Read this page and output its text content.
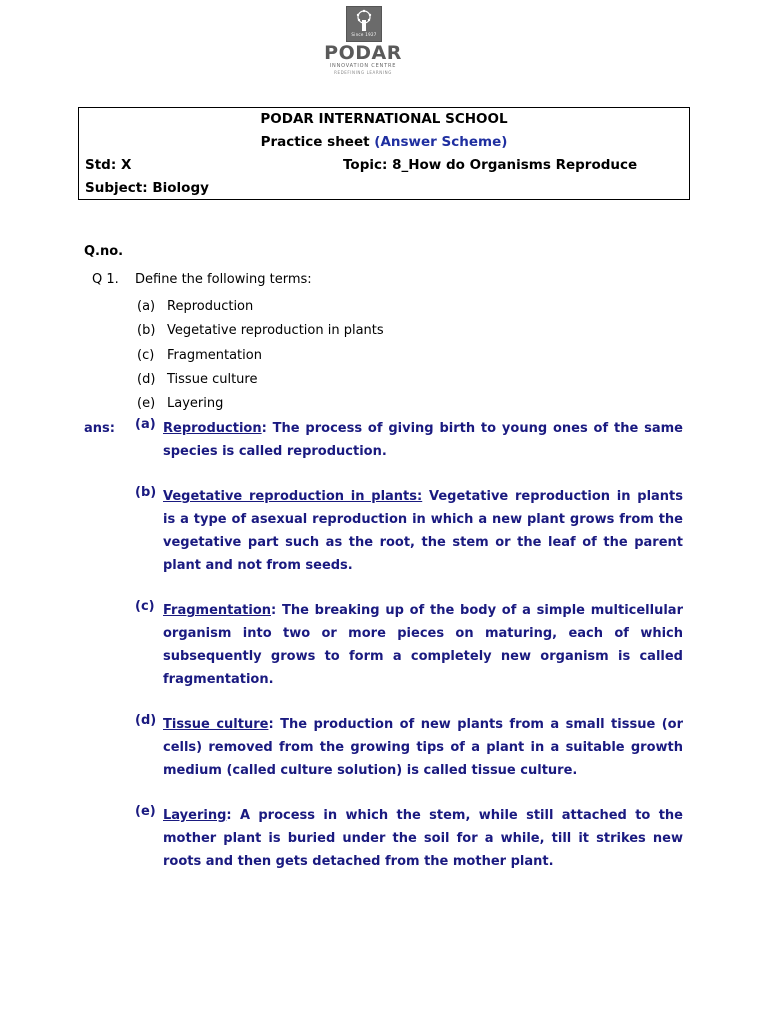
Since 1927
PODAR
INNOVATION CENTRE
REDEFINING LEARNING
PODAR INTERNATIONAL SCHOOL
Practice sheet (Answer Scheme)
Std: X	Topic: 8_How do Organisms Reproduce
Subject: Biology
Q.no.
Q 1. Define the following terms:
(a) Reproduction
(b) Vegetative reproduction in plants
(c) Fragmentation
(d) Tissue culture
(e) Layering
ans: (a) Reproduction: The process of giving birth to young ones of the same species is called reproduction.
(b) Vegetative reproduction in plants: Vegetative reproduction in plants is a type of asexual reproduction in which a new plant grows from the vegetative part such as the root, the stem or the leaf of the parent plant and not from seeds.
(c) Fragmentation: The breaking up of the body of a simple multicellular organism into two or more pieces on maturing, each of which subsequently grows to form a completely new organism is called fragmentation.
(d) Tissue culture: The production of new plants from a small tissue (or cells) removed from the growing tips of a plant in a suitable growth medium (called culture solution) is called tissue culture.
(e) Layering: A process in which the stem, while still attached to the mother plant is buried under the soil for a while, till it strikes new roots and then gets detached from the mother plant.
